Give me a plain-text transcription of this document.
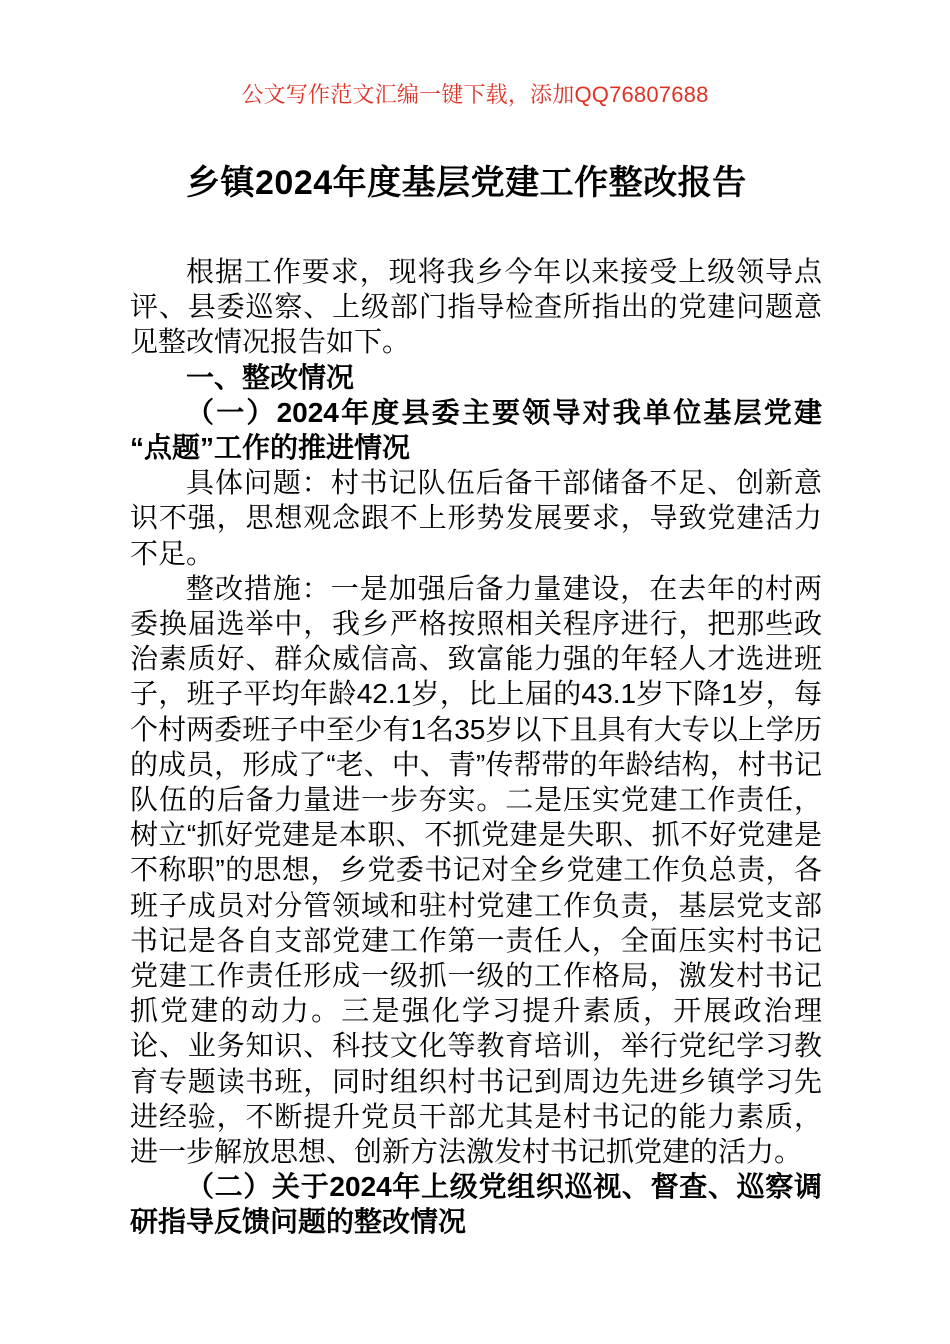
公文写作范文汇编一键下载，添加QQ76807688
乡镇2024年度基层党建工作整改报告

根据工作要求，现将我乡今年以来接受上级领导点评、县委巡察、上级部门指导检查所指出的党建问题意见整改情况报告如下。

一、整改情况

（一）2024年度县委主要领导对我单位基层党建“点题”工作的推进情况

具体问题：村书记队伍后备干部储备不足、创新意识不强，思想观念跟不上形势发展要求，导致党建活力不足。

整改措施：一是加强后备力量建设，在去年的村两委换届选举中，我乡严格按照相关程序进行，把那些政治素质好、群众威信高、致富能力强的年轻人才选进班子，班子平均年龄42.1岁，比上届的43.1岁下降1岁，每个村两委班子中至少有1名35岁以下且具有大专以上学历的成员，形成了“老、中、青”传帮带的年龄结构，村书记队伍的后备力量进一步夯实。二是压实党建工作责任，树立“抓好党建是本职、不抓党建是失职、抓不好党建是不称职”的思想，乡党委书记对全乡党建工作负总责，各班子成员对分管领域和驻村党建工作负责，基层党支部书记是各自支部党建工作第一责任人，全面压实村书记党建工作责任形成一级抓一级的工作格局，激发村书记抓党建的动力。三是强化学习提升素质，开展政治理论、业务知识、科技文化等教育培训，举行党纪学习教育专题读书班，同时组织村书记到周边先进乡镇学习先进经验，不断提升党员干部尤其是村书记的能力素质，进一步解放思想、创新方法激发村书记抓党建的活力。

（二）关于2024年上级党组织巡视、督查、巡察调研指导反馈问题的整改情况
